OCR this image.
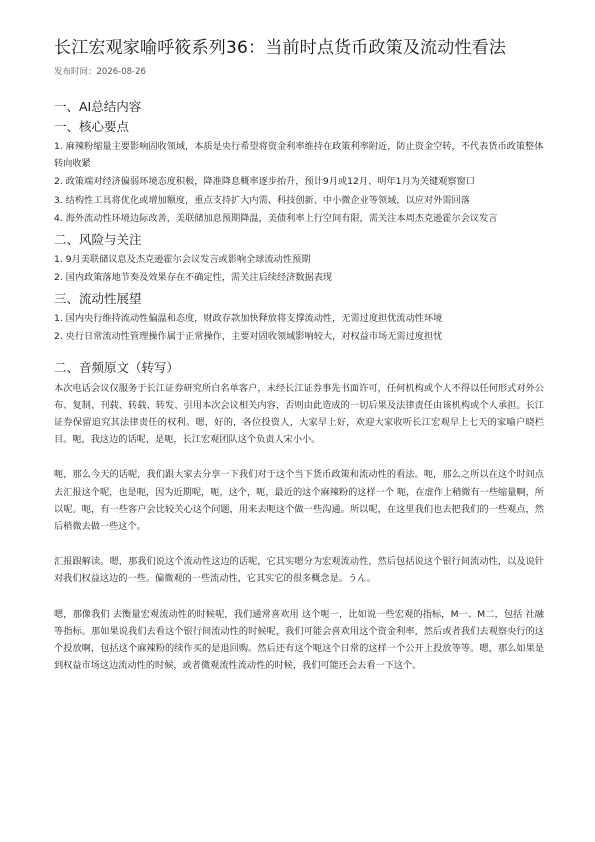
长江宏观家喻呼筱系列36：当前时点货币政策及流动性看法
发布时间：2026-08-26
一、AI总结内容
一、核心要点
1. 麻辣粉缩量主要影响固收领域，本质是央行希望将资金利率维持在政策利率附近，防止资金空转，不代表货币政策整体转向收紧
2. 政策端对经济偏弱环境态度积极，降准降息概率逐步抬升，预计9月或12月、明年1月为关键观察窗口
3. 结构性工具将优化或增加额度，重点支持扩大内需、科技创新、中小微企业等领域，以应对外需回落
4. 海外流动性环境边际改善，美联储加息预期降温，美债利率上行空间有限，需关注本周杰克逊霍尔会议发言
二、风险与关注
1. 9月美联储议息及杰克逊霍尔会议发言或影响全球流动性预期
2. 国内政策落地节奏及效果存在不确定性，需关注后续经济数据表现
三、流动性展望
1. 国内央行维持流动性偏温和态度，财政存款加快释放将支撑流动性，无需过度担忧流动性环境
2. 央行日常流动性管理操作属于正常操作，主要对固收领域影响较大，对权益市场无需过度担忧
二、音频原文（转写）

本次电话会议仅服务于长江证券研究所白名单客户，未经长江证券事先书面许可，任何机构或个人不得以任何形式对外公布、复制、刊载、转载、转发、引用本次会议相关内容，否则由此造成的一切后果及法律责任由该机构或个人承担。长江证券保留追究其法律责任的权利。嗯，好的，各位投资人，大家早上好，欢迎大家收听长江宏观早上七天的家喻户晓栏目。呃，我这边的话呢，是呃，长江宏观团队这个负责人宋小小。

呃，那么今天的话呢，我们跟大家去分享一下我们对于这个当下货币政策和流动性的看法。呃，那么之所以在这个时间点去汇报这个呢，也是呃，因为近期呢，呃，这个，呃，最近的这个麻辣粉的这样一个 呃，在虚作上稍微有一些缩量啊，所以呢。呃，有一些客户会比较关心这个问题，用来去呃这个做一些沟通。所以呢，在这里我们也去把我们的一些观点，然后稍微去做一些这个。

汇报跟解读。嗯，那我们说这个流动性这边的话呢，它其实嗯分为宏观流动性，然后包括说这个银行间流动性，以及说针对我们权益这边的一些。偏微观的一些流动性，它其实它的很多概念是。うん。

嗯，那像我们 去衡量宏观流动性的时候呢，我们通常喜欢用 这个呃一，比如说一些宏观的指标，M一、M二，包括 社融等指标。那如果说我们去看这个银行间流动性的时候呢，我们可能会喜欢用这个资金利率，然后或者我们去观察央行的这个投放啊，包括这个麻辣粉的续作买的是退回购。然后还有这个呃这个日常的这样一个公开上投放等等。嗯，那么如果是到权益市场这边流动性的时候，或者微观流性流动性的时候，我们可能还会去看一下这个。
